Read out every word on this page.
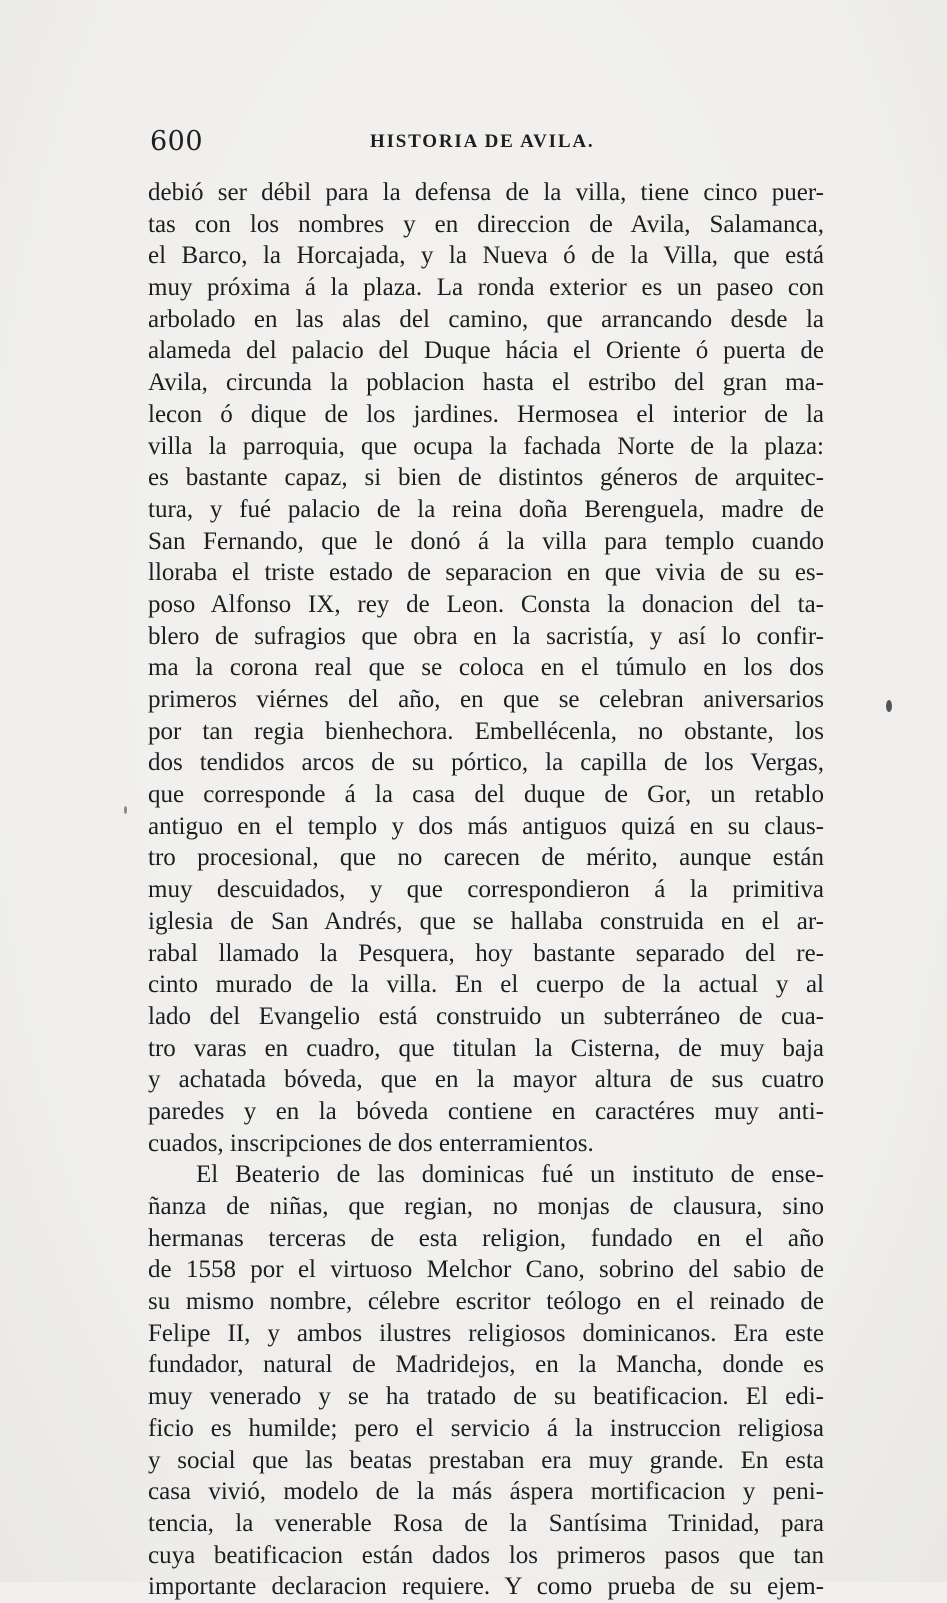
600	HISTORIA DE AVILA.
debió ser débil para la defensa de la villa, tiene cinco puer-
tas con los nombres y en direccion de Avila, Salamanca,
el Barco, la Horcajada, y la Nueva ó de la Villa, que está
muy próxima á la plaza. La ronda exterior es un paseo con
arbolado en las alas del camino, que arrancando desde la
alameda del palacio del Duque hácia el Oriente ó puerta de
Avila, circunda la poblacion hasta el estribo del gran ma-
lecon ó dique de los jardines. Hermosea el interior de la
villa la parroquia, que ocupa la fachada Norte de la plaza:
es bastante capaz, si bien de distintos géneros de arquitec-
tura, y fué palacio de la reina doña Berenguela, madre de
San Fernando, que le donó á la villa para templo cuando
lloraba el triste estado de separacion en que vivia de su es-
poso Alfonso IX, rey de Leon. Consta la donacion del ta-
blero de sufragios que obra en la sacristía, y así lo confir-
ma la corona real que se coloca en el túmulo en los dos
primeros viérnes del año, en que se celebran aniversarios
por tan regia bienhechora. Embellécenla, no obstante, los
dos tendidos arcos de su pórtico, la capilla de los Vergas,
que corresponde á la casa del duque de Gor, un retablo
antiguo en el templo y dos más antiguos quizá en su claus-
tro procesional, que no carecen de mérito, aunque están
muy descuidados, y que correspondieron á la primitiva
iglesia de San Andrés, que se hallaba construida en el ar-
rabal llamado la Pesquera, hoy bastante separado del re-
cinto murado de la villa. En el cuerpo de la actual y al
lado del Evangelio está construido un subterráneo de cua-
tro varas en cuadro, que titulan la Cisterna, de muy baja
y achatada bóveda, que en la mayor altura de sus cuatro
paredes y en la bóveda contiene en caractéres muy anti-
cuados, inscripciones de dos enterramientos.
El Beaterio de las dominicas fué un instituto de ense-
ñanza de niñas, que regian, no monjas de clausura, sino
hermanas terceras de esta religion, fundado en el año
de 1558 por el virtuoso Melchor Cano, sobrino del sabio de
su mismo nombre, célebre escritor teólogo en el reinado de
Felipe II, y ambos ilustres religiosos dominicanos. Era este
fundador, natural de Madridejos, en la Mancha, donde es
muy venerado y se ha tratado de su beatificacion. El edi-
ficio es humilde; pero el servicio á la instruccion religiosa
y social que las beatas prestaban era muy grande. En esta
casa vivió, modelo de la más áspera mortificacion y peni-
tencia, la venerable Rosa de la Santísima Trinidad, para
cuya beatificacion están dados los primeros pasos que tan
importante declaracion requiere. Y como prueba de su ejem-
